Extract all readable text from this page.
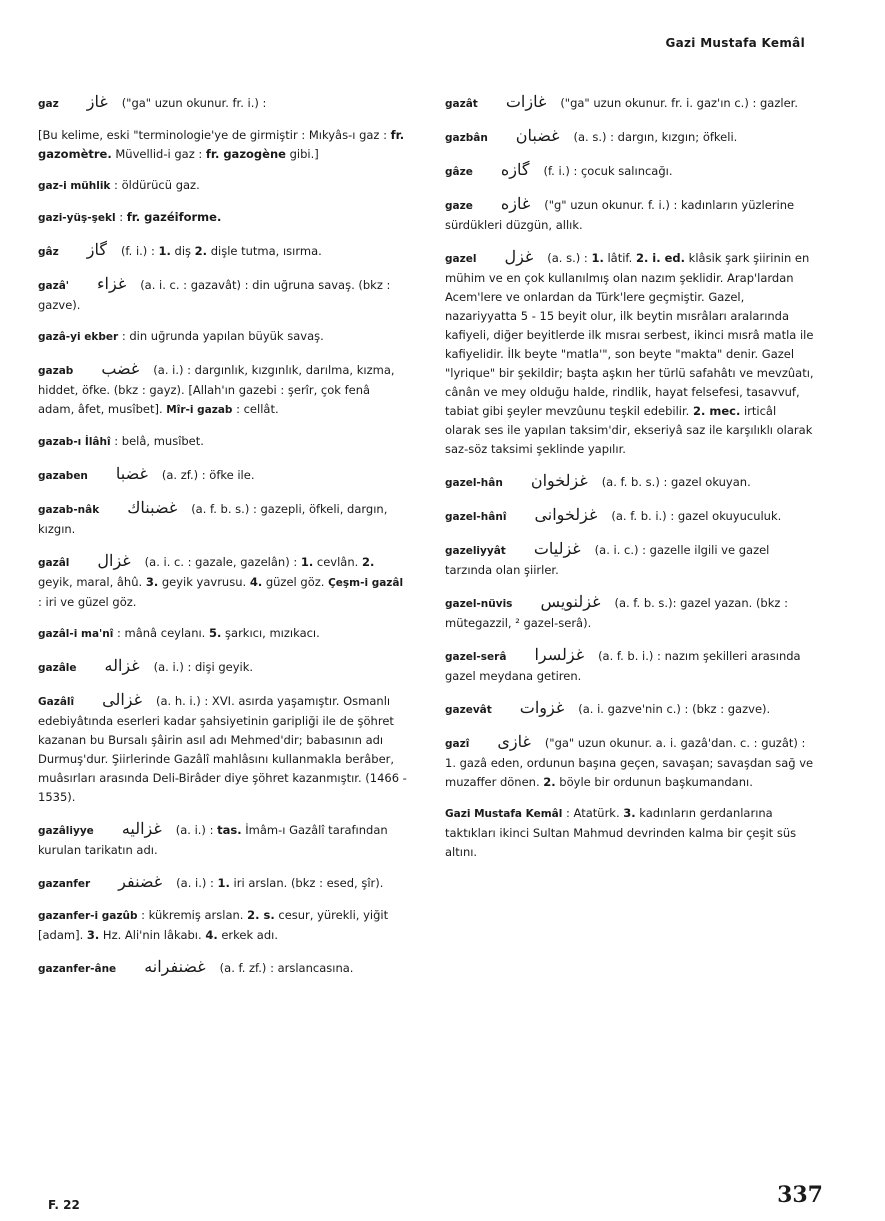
Gazi Mustafa Kemâl
gaz غاز ("ga" uzun okunur. fr. i.) :
[Bu kelime, eski "terminologie'ye de girmiştir : Mıkyâs-ı gaz : fr. gazomètre. Müvellid-i gaz : fr. gazogène gibi.]
gaz-i mühlik : öldürücü gaz.
gazi-yüş-şekl : fr. gazéiforme.
gâz گاز (f. i.) : 1. diş 2. dişle tutma, ısırma.
gazâ' غزاء (a. i. c. : gazavât) : din uğruna savaş. (bkz : gazve).
gazâ-yi ekber : din uğrunda yapılan büyük savaş.
gazab غضب (a. i.) : dargınlık, kızgınlık, darılma, kızma, hiddet, öfke. (bkz : gayz). [Allah'ın gazebi : şerîr, çok fenâ adam, âfet, musîbet]. Mîr-i gazab : cellât.
gazab-ı İlâhî : belâ, musîbet.
gazaben غضبا (a. zf.) : öfke ile.
gazab-nâk غضبناك (a. f. b. s.) : gazepli, öfkeli, dargın, kızgın.
gazâl غزال (a. i. c. : gazale, gazelân) : 1. cevlân. 2. geyik, maral, âhû. 3. geyik yavrusu. 4. güzel göz. Çeşm-i gazâl : iri ve güzel göz.
gazâl-i ma'nî : mânâ ceylanı. 5. şarkıcı, mızıkacı.
gazâle غزاله (a. i.) : dişi geyik.
Gazâlî غزالى (a. h. i.) : XVI. asırda yaşamıştır. Osmanlı edebiyâtında eserleri kadar şahsiyetinin garipliği ile de şöhret kazanan bu Bursalı şâirin asıl adı Mehmed'dir; babasının adı Durmuş'dur. Şiirlerinde Gazâlî mahlâsını kullanmakla berâber, muâsırları arasında Deli-Birâder diye şöhret kazanmıştır. (1466 - 1535).
gazâliyye غزاليه (a. i.) : tas. İmâm-ı Gazâlî tarafından kurulan tarikatın adı.
gazanfer غضنفر (a. i.) : 1. iri arslan. (bkz : esed, şîr).
gazanfer-i gazûb : kükremiş arslan. 2. s. cesur, yürekli, yiğit [adam]. 3. Hz. Ali'nin lâkabı. 4. erkek adı.
gazanfer-âne غضنفرانه (a. f. zf.) : arslancasına.
gazât غازات ("ga" uzun okunur. fr. i. gaz'ın c.) : gazler.
gazbân غضبان (a. s.) : dargın, kızgın; öfkeli.
gâze گازه (f. i.) : çocuk salıncağı.
gaze غازه ("g" uzun okunur. f. i.) : kadınların yüzlerine sürdükleri düzgün, allık.
gazel غزل (a. s.) : 1. lâtif. 2. i. ed. klâsik şark şiirinin en mühim ve en çok kullanılmış olan nazım şeklidir. Arap'lardan Acem'lere ve onlardan da Türk'lere geçmiştir. Gazel, nazariyyatta 5 - 15 beyit olur, ilk beytin mısrâları aralarında kafiyeli, diğer beyitlerde ilk mısraı serbest, ikinci mısrâ matla ile kafiyelidir. İlk beyte "matla'", son beyte "makta" denir. Gazel "lyrique" bir şekildir; başta aşkın her türlü safahâtı ve mevzûatı, cânân ve mey olduğu halde, rindlik, hayat felsefesi, tasavvuf, tabiat gibi şeyler mevzûunu teşkil edebilir. 2. mec. irticâl olarak ses ile yapılan taksim'dir, ekseriyâ saz ile karşılıklı olarak saz-söz taksimi şeklinde yapılır.
gazel-hân غزلخوان (a. f. b. s.) : gazel okuyan.
gazel-hânî غزلخوانى (a. f. b. i.) : gazel okuyuculuk.
gazeliyyât غزليات (a. i. c.) : gazelle ilgili ve gazel tarzında olan şiirler.
gazel-nüvis غزلنويس (a. f. b. s.): gazel yazan. (bkz : mütegazzil, ² gazel-serâ).
gazel-serâ غزلسرا (a. f. b. i.) : nazım şekilleri arasında gazel meydana getiren.
gazevât غزوات (a. i. gazve'nin c.) : (bkz : gazve).
gazî غازى ("ga" uzun okunur. a. i. gazâ'dan. c. : guzât) : 1. gazâ eden, ordunun başına geçen, savaşan; savaşdan sağ ve muzaffer dönen. 2. böyle bir ordunun başkumandanı.
Gazi Mustafa Kemâl : Atatürk. 3. kadınların gerdanlarına taktıkları ikinci Sultan Mahmud devrinden kalma bir çeşit süs altını.
F. 22	337
